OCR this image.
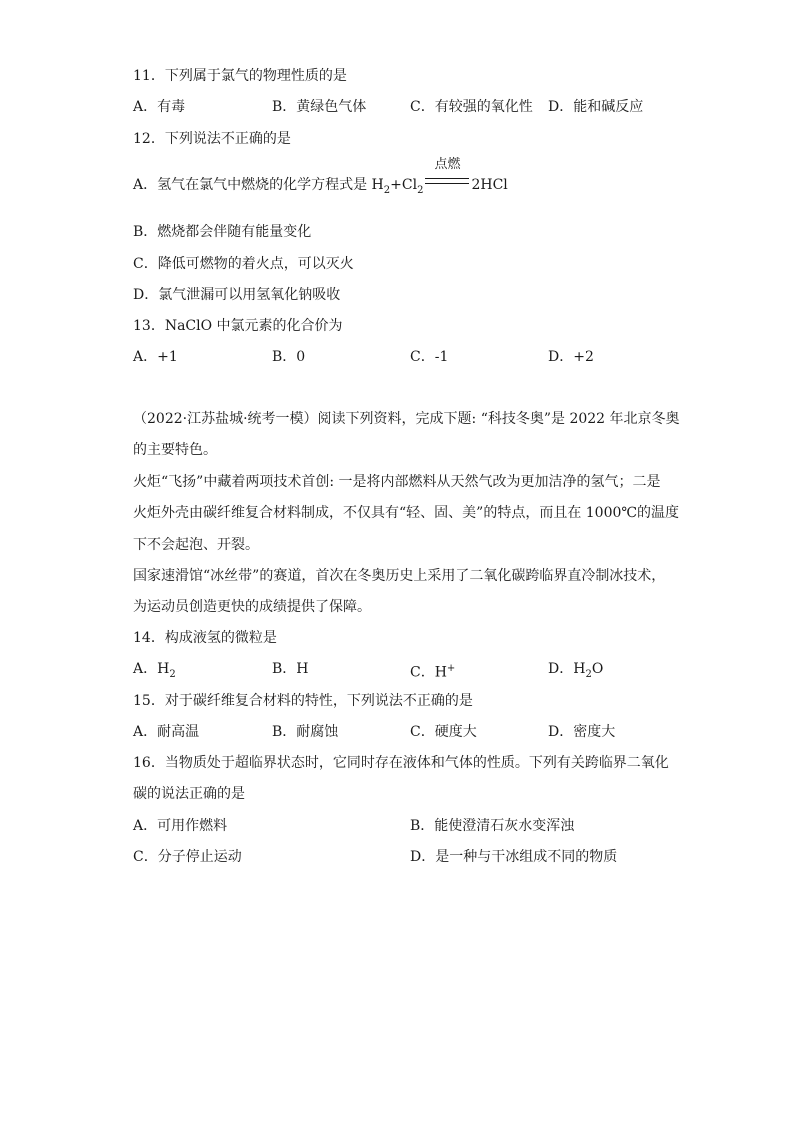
11．下列属于氯气的物理性质的是
A．有毒	B．黄绿色气体	C．有较强的氧化性 D．能和碱反应
12．下列说法不正确的是
A．氢气在氯气中燃烧的化学方程式是 $H_2+Cl_2$
点燃
2HCl
B．燃烧都会伴随有能量变化
C．降低可燃物的着火点，可以灭火
D．氯气泄漏可以用氢氧化钠吸收
13．NaClO 中氯元素的化合价为
A．+1	B．0	C．-1	D．+2
（2022·江苏盐城·统考一模）阅读下列资料，完成下题: “科技冬奥”是 2022 年北京冬奥
的主要特色。
火炬“飞扬”中藏着两项技术首创: 一是将内部燃料从天然气改为更加洁净的氢气；二是
火炬外壳由碳纤维复合材料制成，不仅具有“轻、固、美”的特点，而且在 1000℃的温度
下不会起泡、开裂。
国家速滑馆“冰丝带”的赛道，首次在冬奥历史上采用了二氧化碳跨临界直冷制冰技术，
为运动员创造更快的成绩提供了保障。
14．构成液氢的微粒是
A．$H_2$	B．H	C．H+	D．$H_2O$
15．对于碳纤维复合材料的特性，下列说法不正确的是
A．耐高温	B．耐腐蚀	C．硬度大	D．密度大
16．当物质处于超临界状态时，它同时存在液体和气体的性质。下列有关跨临界二氧化
碳的说法正确的是
A．可用作燃料	B．能使澄清石灰水变浑浊
C．分子停止运动	D．是一种与干冰组成不同的物质
